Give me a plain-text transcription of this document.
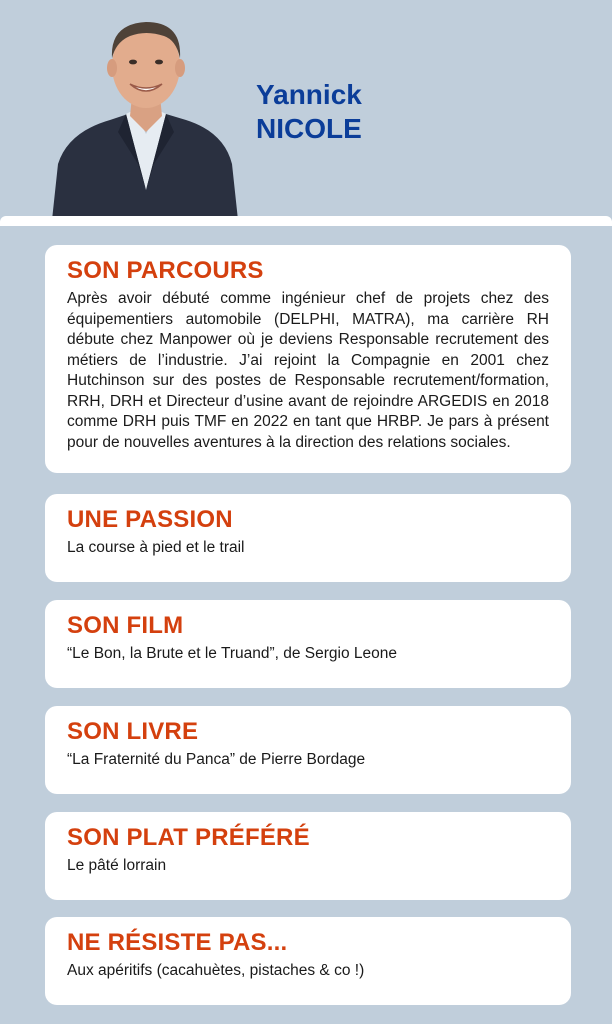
Yannick
NICOLE
SON PARCOURS

Après avoir débuté comme ingénieur chef de projets chez des équipementiers automobile (DELPHI, MATRA), ma carrière RH débute chez Manpower où je deviens Responsable recrutement des métiers de l’industrie. J’ai rejoint la Compagnie en 2001 chez Hutchinson sur des postes de Responsable recrutement/formation, RRH, DRH et Directeur d’usine avant de rejoindre ARGEDIS en 2018 comme DRH puis TMF en 2022 en tant que HRBP. Je pars à présent pour de nouvelles aventures à la direction des relations sociales.

UNE PASSION

La course à pied et le trail

SON FILM

“Le Bon, la Brute et le Truand”, de Sergio Leone

SON LIVRE

“La Fraternité du Panca” de Pierre Bordage

SON PLAT PRÉFÉRÉ

Le pâté lorrain

NE RÉSISTE PAS...

Aux apéritifs (cacahuètes, pistaches & co !)
